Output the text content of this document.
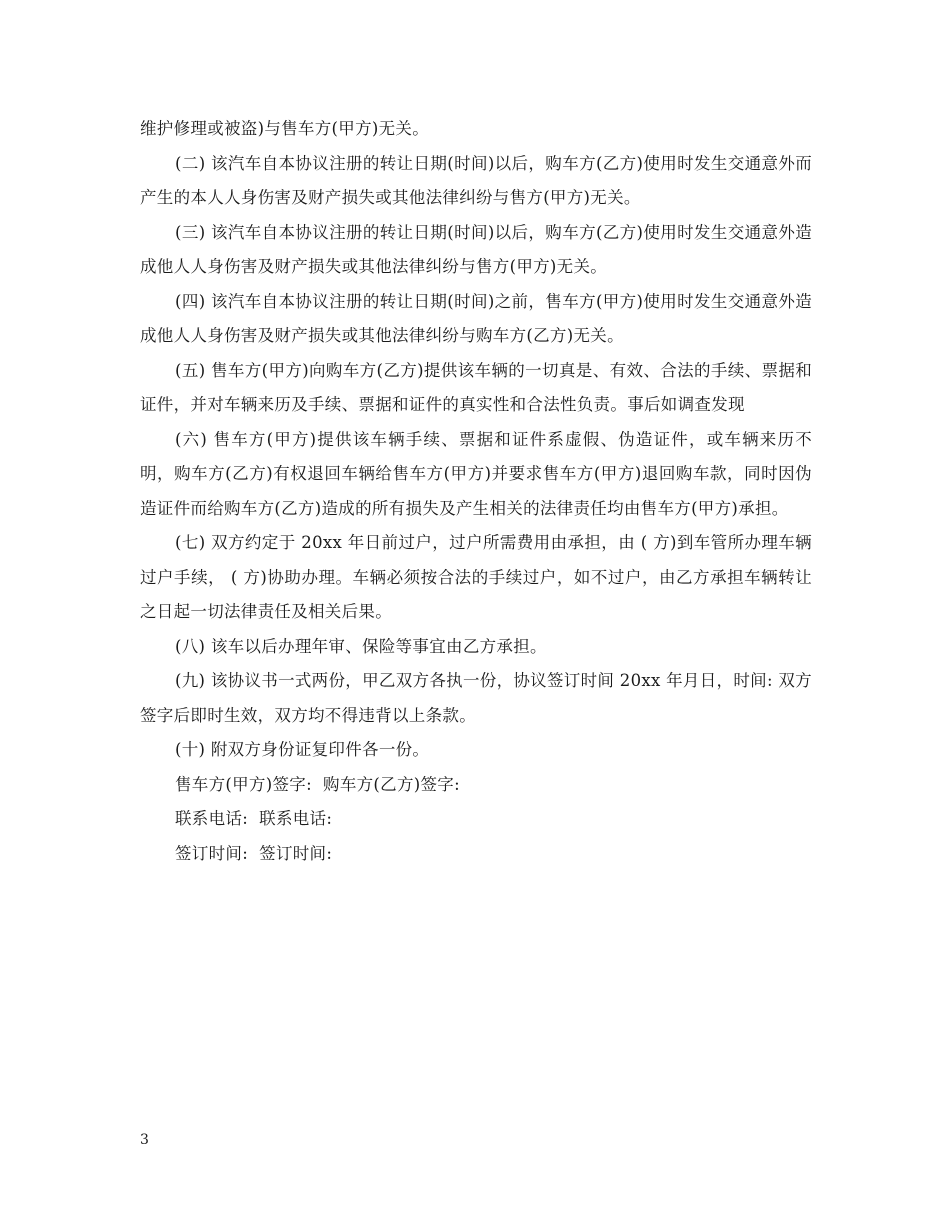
维护修理或被盗)与售车方(甲方)无关。

(二) 该汽车自本协议注册的转让日期(时间)以后，购车方(乙方)使用时发生交通意外而产生的本人人身伤害及财产损失或其他法律纠纷与售方(甲方)无关。

(三) 该汽车自本协议注册的转让日期(时间)以后，购车方(乙方)使用时发生交通意外造成他人人身伤害及财产损失或其他法律纠纷与售方(甲方)无关。

(四) 该汽车自本协议注册的转让日期(时间)之前，售车方(甲方)使用时发生交通意外造成他人人身伤害及财产损失或其他法律纠纷与购车方(乙方)无关。

(五) 售车方(甲方)向购车方(乙方)提供该车辆的一切真是、有效、合法的手续、票据和证件，并对车辆来历及手续、票据和证件的真实性和合法性负责。事后如调查发现

(六) 售车方(甲方)提供该车辆手续、票据和证件系虚假、伪造证件，或车辆来历不明，购车方(乙方)有权退回车辆给售车方(甲方)并要求售车方(甲方)退回购车款，同时因伪造证件而给购车方(乙方)造成的所有损失及产生相关的法律责任均由售车方(甲方)承担。

(七) 双方约定于 20xx 年日前过户，过户所需费用由承担，由 ( 方)到车管所办理车辆过户手续， ( 方)协助办理。车辆必须按合法的手续过户，如不过户，由乙方承担车辆转让之日起一切法律责任及相关后果。

(八) 该车以后办理年审、保险等事宜由乙方承担。

(九) 该协议书一式两份，甲乙双方各执一份，协议签订时间 20xx 年月日，时间: 双方签字后即时生效，双方均不得违背以上条款。

(十) 附双方身份证复印件各一份。

售车方(甲方)签字:  购车方(乙方)签字:

联系电话:  联系电话:

签订时间:  签订时间:

3
